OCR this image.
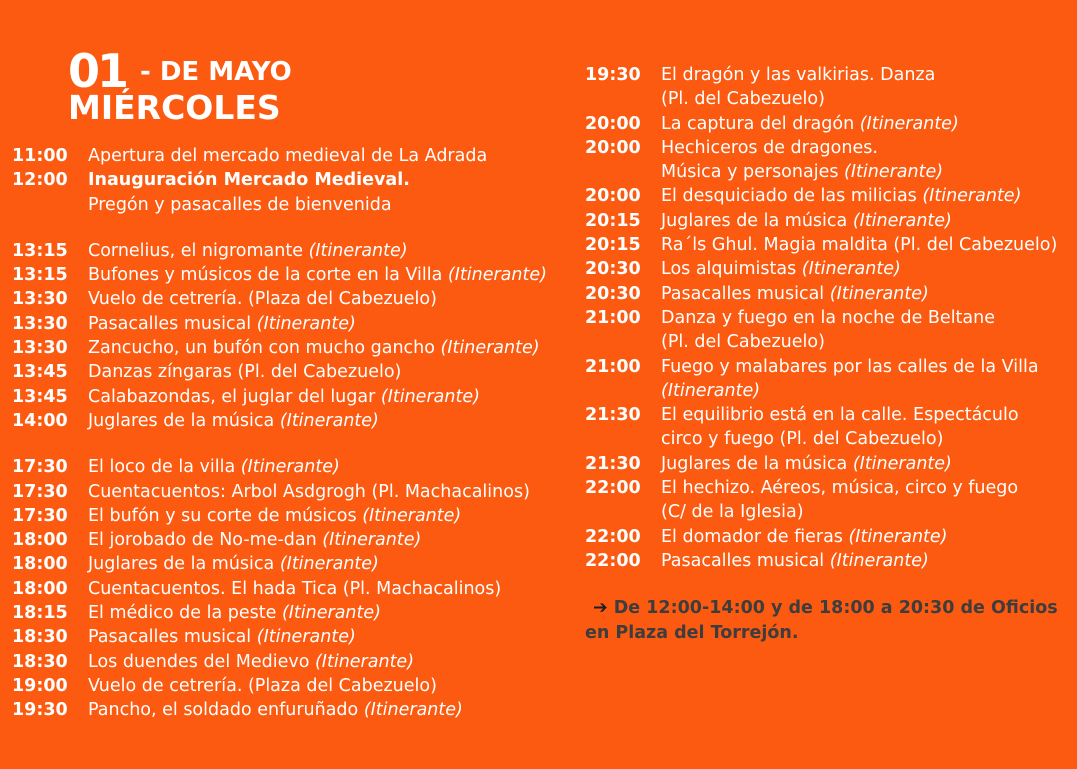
01 - DE MAYO
MIÉRCOLES
11:00	Apertura del mercado medieval de La Adrada
12:00	Inauguración Mercado Medieval.
Pregón y pasacalles de bienvenida
13:15	Cornelius, el nigromante (Itinerante)
13:15	Bufones y músicos de la corte en la Villa (Itinerante)
13:30	Vuelo de cetrería. (Plaza del Cabezuelo)
13:30	Pasacalles musical (Itinerante)
13:30	Zancucho, un bufón con mucho gancho (Itinerante)
13:45	Danzas zíngaras (Pl. del Cabezuelo)
13:45	Calabazondas, el juglar del lugar (Itinerante)
14:00	Juglares de la música (Itinerante)
17:30	El loco de la villa (Itinerante)
17:30	Cuentacuentos: Arbol Asdgrogh (Pl. Machacalinos)
17:30	El bufón y su corte de músicos (Itinerante)
18:00	El jorobado de No-me-dan (Itinerante)
18:00	Juglares de la música (Itinerante)
18:00	Cuentacuentos. El hada Tica (Pl. Machacalinos)
18:15	El médico de la peste (Itinerante)
18:30	Pasacalles musical (Itinerante)
18:30	Los duendes del Medievo (Itinerante)
19:00	Vuelo de cetrería. (Plaza del Cabezuelo)
19:30	Pancho, el soldado enfuruñado (Itinerante)
19:30	El dragón y las valkirias. Danza
(Pl. del Cabezuelo)
20:00	La captura del dragón (Itinerante)
20:00	Hechiceros de dragones.
Música y personajes (Itinerante)
20:00	El desquiciado de las milicias (Itinerante)
20:15	Juglares de la música (Itinerante)
20:15	Ra´ls Ghul. Magia maldita (Pl. del Cabezuelo)
20:30	Los alquimistas (Itinerante)
20:30	Pasacalles musical (Itinerante)
21:00	Danza y fuego en la noche de Beltane
(Pl. del Cabezuelo)
21:00	Fuego y malabares por las calles de la Villa
(Itinerante)
21:30	El equilibrio está en la calle. Espectáculo
circo y fuego (Pl. del Cabezuelo)
21:30	Juglares de la música (Itinerante)
22:00	El hechizo. Aéreos, música, circo y fuego
(C/ de la Iglesia)
22:00	El domador de fieras (Itinerante)
22:00	Pasacalles musical (Itinerante)
➔ De 12:00-14:00 y de 18:00 a 20:30 de Oficios en Plaza del Torrejón.
